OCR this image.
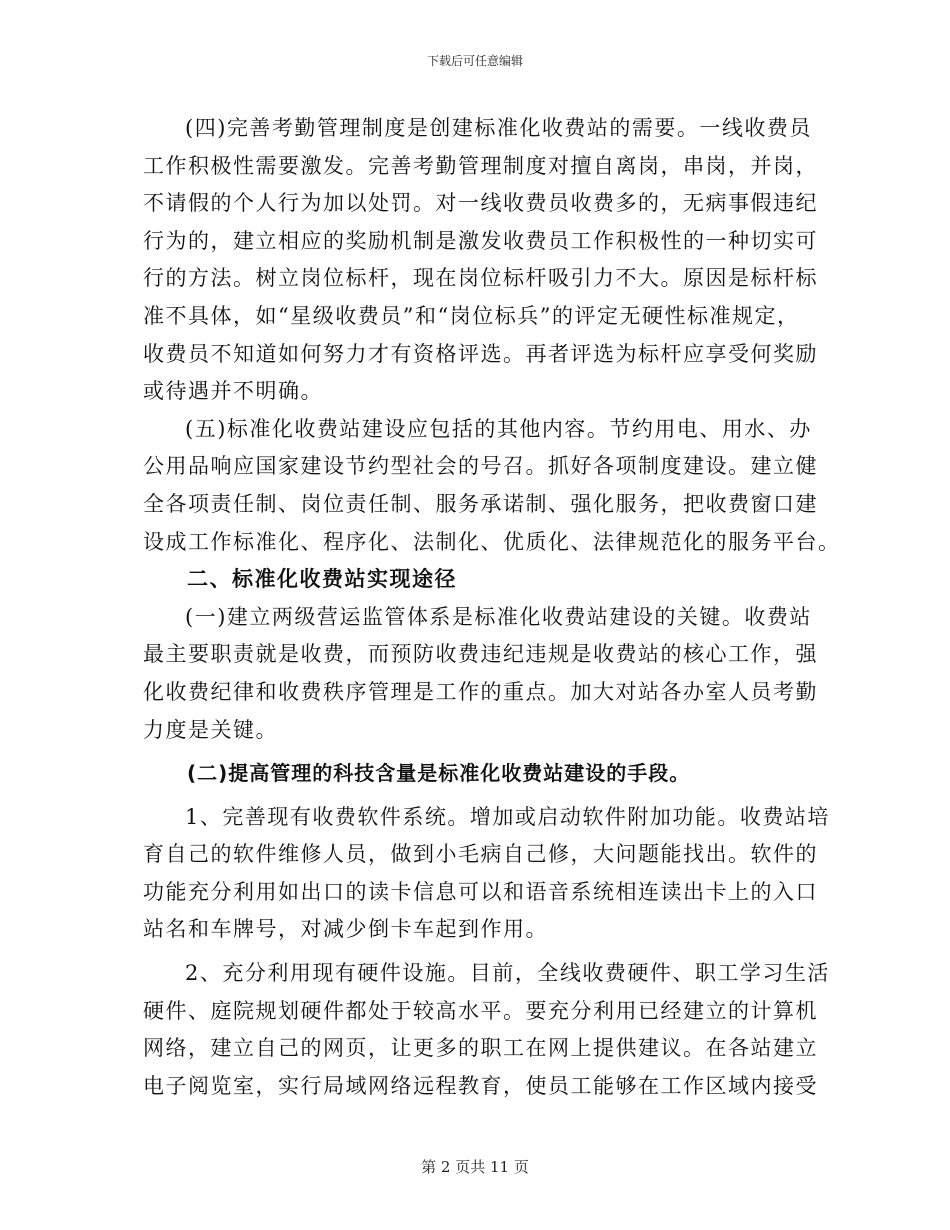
下载后可任意编辑
(四)完善考勤管理制度是创建标准化收费站的需要。一线收费员
工作积极性需要激发。完善考勤管理制度对擅自离岗，串岗，并岗，
不请假的个人行为加以处罚。对一线收费员收费多的，无病事假违纪
行为的，建立相应的奖励机制是激发收费员工作积极性的一种切实可
行的方法。树立岗位标杆，现在岗位标杆吸引力不大。原因是标杆标
准不具体，如“星级收费员”和“岗位标兵”的评定无硬性标准规定，
收费员不知道如何努力才有资格评选。再者评选为标杆应享受何奖励
或待遇并不明确。
(五)标准化收费站建设应包括的其他内容。节约用电、用水、办
公用品响应国家建设节约型社会的号召。抓好各项制度建设。建立健
全各项责任制、岗位责任制、服务承诺制、强化服务，把收费窗口建
设成工作标准化、程序化、法制化、优质化、法律规范化的服务平台。
二、标准化收费站实现途径
(一)建立两级营运监管体系是标准化收费站建设的关键。收费站
最主要职责就是收费，而预防收费违纪违规是收费站的核心工作，强
化收费纪律和收费秩序管理是工作的重点。加大对站各办室人员考勤
力度是关键。
(二)提高管理的科技含量是标准化收费站建设的手段。
1、完善现有收费软件系统。增加或启动软件附加功能。收费站培
育自己的软件维修人员，做到小毛病自己修，大问题能找出。软件的
功能充分利用如出口的读卡信息可以和语音系统相连读出卡上的入口
站名和车牌号，对减少倒卡车起到作用。
2、充分利用现有硬件设施。目前，全线收费硬件、职工学习生活
硬件、庭院规划硬件都处于较高水平。要充分利用已经建立的计算机
网络，建立自己的网页，让更多的职工在网上提供建议。在各站建立
电子阅览室，实行局域网络远程教育，使员工能够在工作区域内接受
第 2 页共 11 页
